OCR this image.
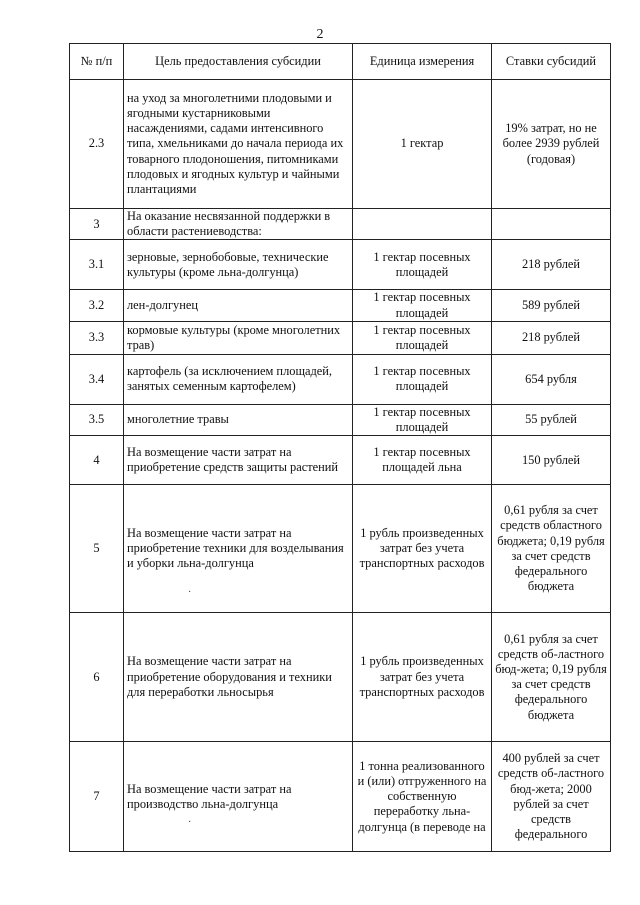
2
№ п/п	Цель предоставления субсидии	Единица измерения	Ставки субсидий
2.3	на уход за многолетними плодовыми и ягодными кустарниковыми насаждениями, садами интенсивного типа, хмельниками до начала периода их товарного плодоношения, питомниками плодовых и ягодных культур и чайными плантациями	1 гектар	19% затрат, но не более 2939 рублей (годовая)
3	На оказание несвязанной поддержки в области растениеводства:		
3.1	зерновые, зернобобовые, технические культуры (кроме льна-долгунца)	1 гектар посевных площадей	218 рублей
3.2	лен-долгунец	1 гектар посевных площадей	589 рублей
3.3	кормовые культуры (кроме многолетних трав)	1 гектар посевных площадей	218 рублей
3.4	картофель (за исключением площадей, занятых семенным картофелем)	1 гектар посевных площадей	654 рубля
3.5	многолетние травы	1 гектар посевных площадей	55 рублей
4	На возмещение части затрат на приобретение средств защиты растений	1 гектар посевных площадей льна	150 рублей
5	На возмещение части затрат на приобретение техники для возделывания и уборки льна-долгунца	1 рубль произведенных затрат без учета транспортных расходов	0,61 рубля за счет средств областного бюджета; 0,19 рубля за счет средств федерального бюджета
6	На возмещение части затрат на приобретение оборудования и техники для переработки льносырья	1 рубль произведенных затрат без учета транспортных расходов	0,61 рубля за счет средств об-ластного бюд-жета; 0,19 рубля за счет средств федерального бюджета
7	На возмещение части затрат на производство льна-долгунца	1 тонна реализованного и (или) отгруженного на собственную переработку льна-долгунца (в переводе на	400 рублей за счет средств об-ластного бюд-жета; 2000 рублей за счет средств федерального
·
·
